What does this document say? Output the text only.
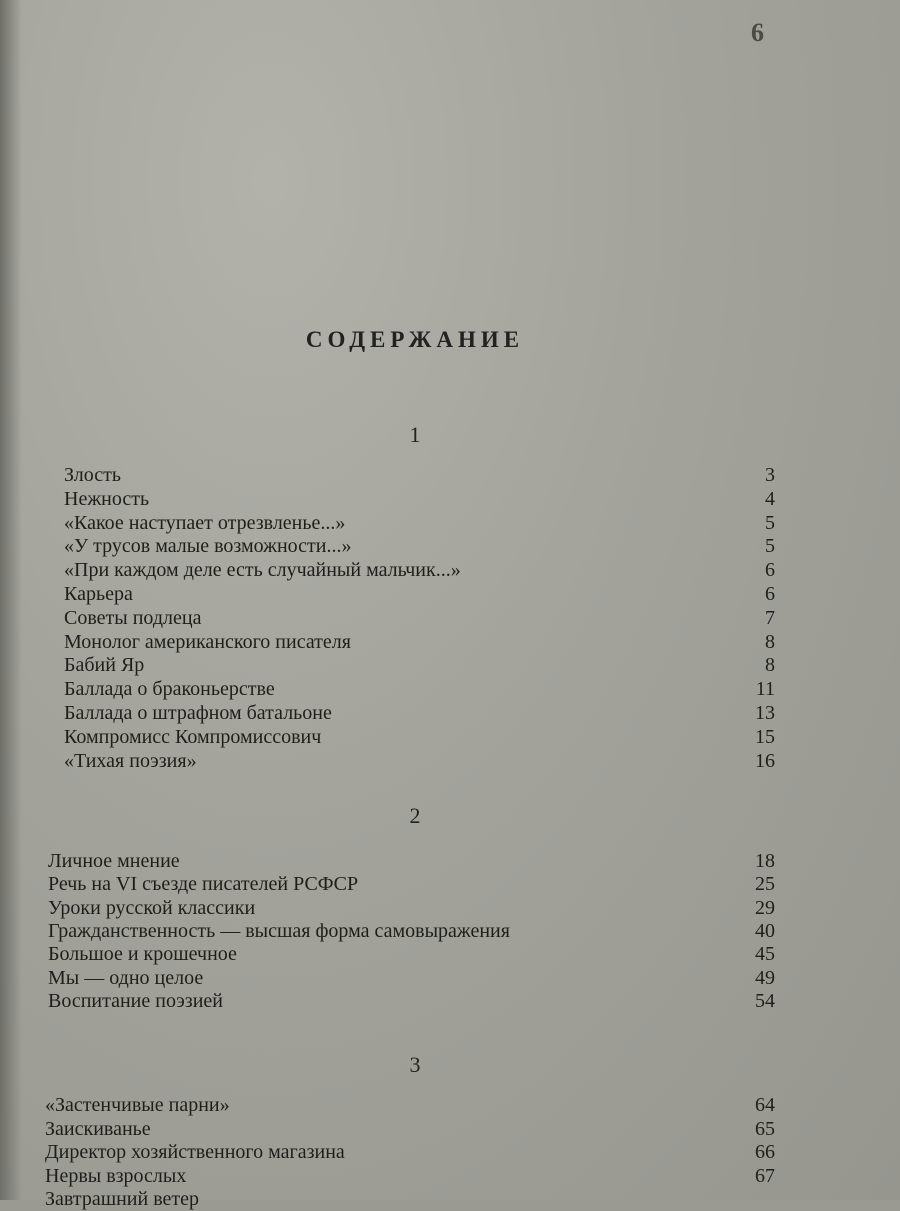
6
СОДЕРЖАНИЕ
1
Злость	3
Нежность	4
«Какое наступает отрезвленье...»	5
«У трусов малые возможности...»	5
«При каждом деле есть случайный мальчик...»	6
Карьера	6
Советы подлеца	7
Монолог американского писателя	8
Бабий Яр	8
Баллада о браконьерстве	11
Баллада о штрафном батальоне	13
Компромисс Компромиссович	15
«Тихая поэзия»	16
2
Личное мнение	18
Речь на VI съезде писателей РСФСР	25
Уроки русской классики	29
Гражданственность — высшая форма самовыражения	40
Большое и крошечное	45
Мы — одно целое	49
Воспитание поэзией	54
3
«Застенчивые парни»	64
Заискиванье	65
Директор хозяйственного магазина	66
Нервы взрослых	67
Завтрашний ветер
